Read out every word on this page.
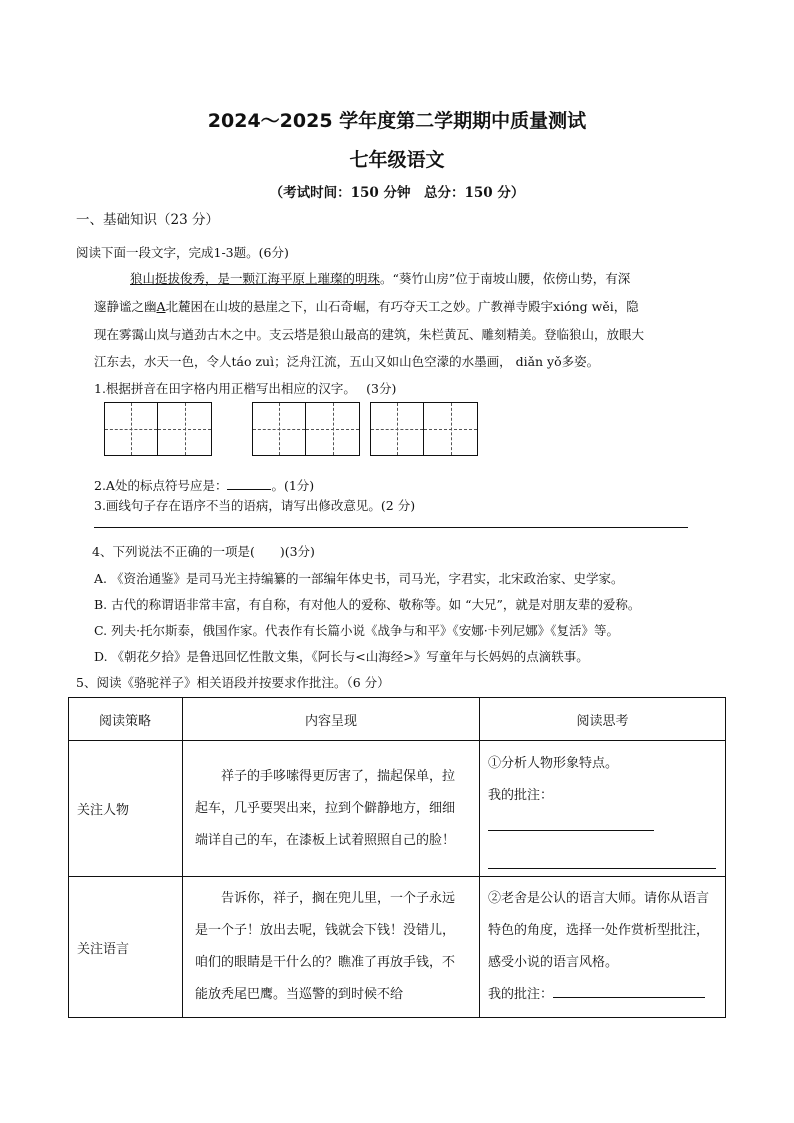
2024～2025 学年度第二学期期中质量测试
七年级语文
（考试时间：150 分钟　总分：150 分）
一、基础知识（23 分）
阅读下面一段文字，完成1-3题。(6分)
狼山挺拔俊秀，是一颗江海平原上璀璨的明珠。“葵竹山房”位于南坡山腰，依傍山势，有深
邃静谧之幽A北麓困在山坡的悬崖之下，山石奇崛，有巧夺天工之妙。广教禅寺殿宇xióng wěi，隐
现在雾霭山岚与遒劲古木之中。支云塔是狼山最高的建筑，朱栏黄瓦、雕刻精美。登临狼山，放眼大
江东去，水天一色，令人táo zuì；泛舟江流，五山又如山色空濛的水墨画， diǎn yǒ多姿。
1.根据拼音在田字格内用正楷写出相应的汉字。　 (3分)
2.A处的标点符号应是：	。(1分)
3.画线句子存在语序不当的语病，请写出修改意见。(2 分)
4、下列说法不正确的一项是(　　)(3分)
A. 《资治通鉴》是司马光主持编纂的一部编年体史书，司马光，字君实，北宋政治家、史学家。
B. 古代的称谓语非常丰富，有自称，有对他人的爱称、敬称等。如 “大兄”，就是对朋友辈的爱称。
C. 列夫·托尔斯泰，俄国作家。代表作有长篇小说《战争与和平》《安娜·卡列尼娜》《复活》等。
D. 《朝花夕拾》是鲁迅回忆性散文集，《阿长与<山海经>》写童年与长妈妈的点滴轶事。
5、阅读《骆驼祥子》相关语段并按要求作批注。（6 分）
阅读策略	内容呈现	阅读思考
关注人物	祥子的手哆嗦得更厉害了，揣起保单，拉起车，几乎要哭出来，拉到个僻静地方，细细端详自己的车，在漆板上试着照照自己的脸！	①分析人物形象特点。
我的批注：

关注语言	告诉你，祥子，搁在兜儿里，一个子永远是一个子！放出去呢，钱就会下钱！没错儿，咱们的眼睛是干什么的？瞧准了再放手钱，不能放秃尾巴鹰。当巡警的到时候不给	②老舍是公认的语言大师。请你从语言特色的角度，选择一处作赏析型批注，感受小说的语言风格。
我的批注：
